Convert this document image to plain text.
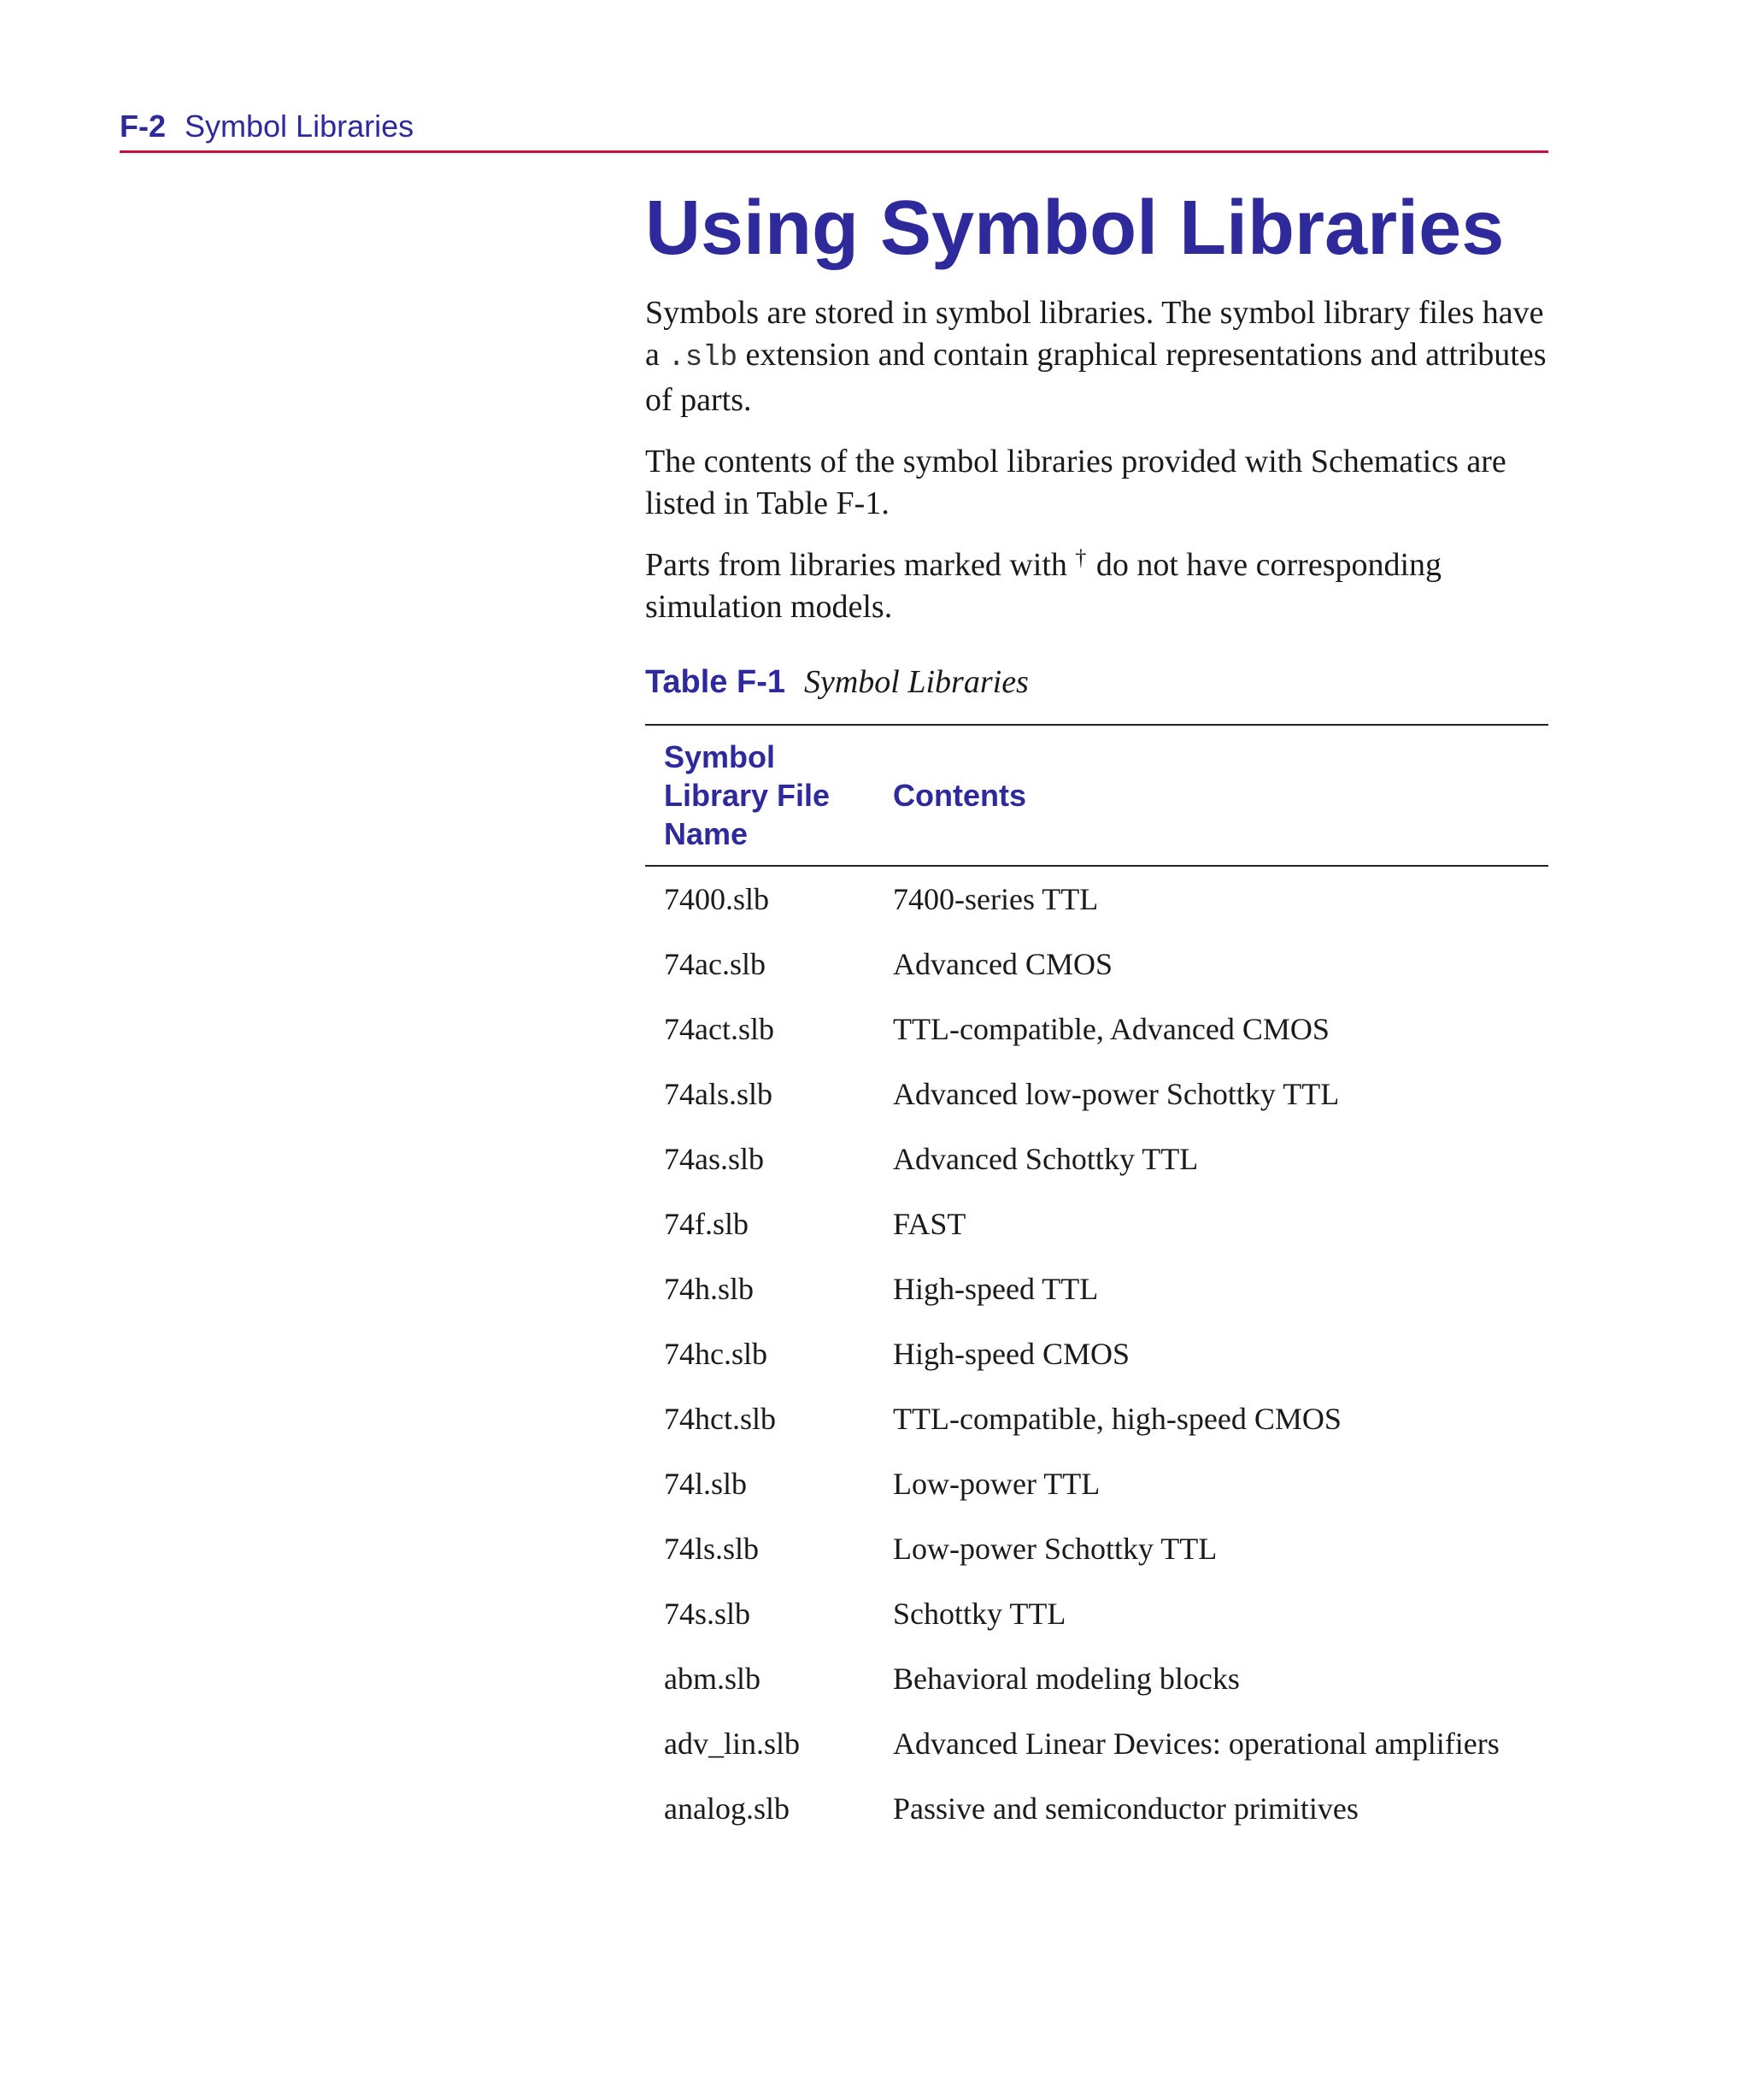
F-2 Symbol Libraries
Using Symbol Libraries

Symbols are stored in symbol libraries. The symbol library files have a .slb extension and contain graphical representations and attributes of parts.

The contents of the symbol libraries provided with Schematics are listed in Table F-1.

Parts from libraries marked with † do not have corresponding simulation models.

Table F-1 Symbol Libraries
Symbol
Library File
Name	Contents
7400.slb	7400-series TTL
74ac.slb	Advanced CMOS
74act.slb	TTL-compatible, Advanced CMOS
74als.slb	Advanced low-power Schottky TTL
74as.slb	Advanced Schottky TTL
74f.slb	FAST
74h.slb	High-speed TTL
74hc.slb	High-speed CMOS
74hct.slb	TTL-compatible, high-speed CMOS
74l.slb	Low-power TTL
74ls.slb	Low-power Schottky TTL
74s.slb	Schottky TTL
abm.slb	Behavioral modeling blocks
adv_lin.slb	Advanced Linear Devices: operational amplifiers
analog.slb	Passive and semiconductor primitives
